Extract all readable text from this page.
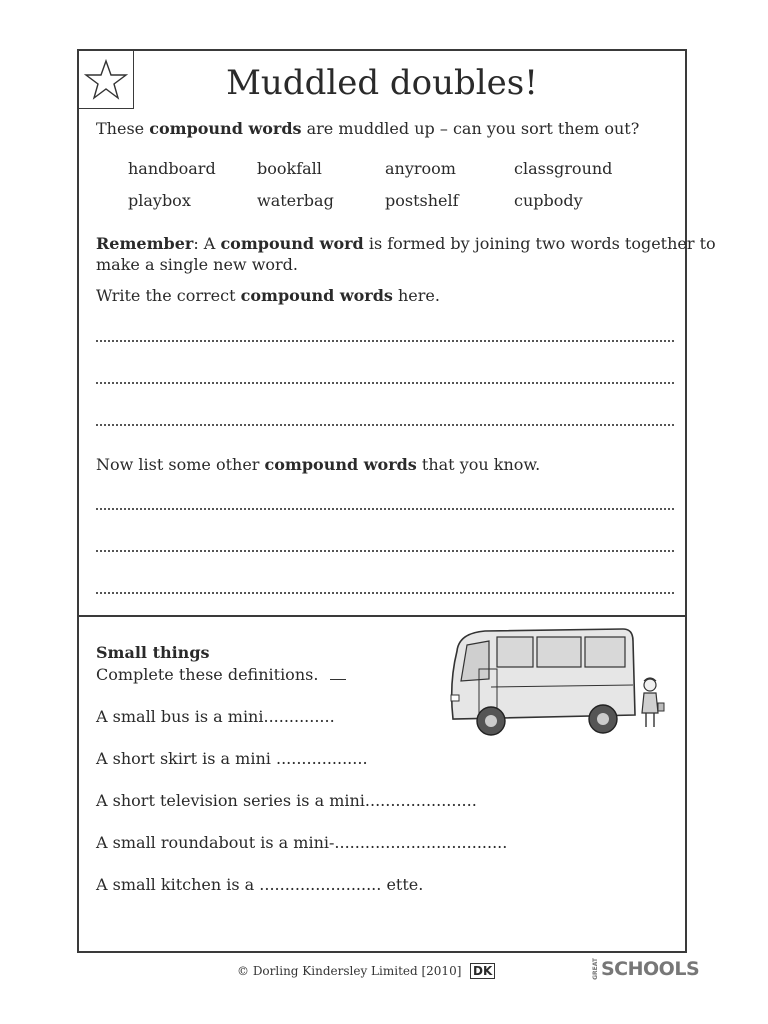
Muddled doubles!
These compound words are muddled up – can you sort them out?
handboard	bookfall	anyroom	classground
playbox	waterbag	postshelf	cupbody
Remember: A compound word is formed by joining two words together to
make a single new word.
Write the correct compound words here.
Now list some other compound words that you know.
Small things
Complete these definitions.
A small bus is a mini..............
A short skirt is a mini ..................
A short television series is a mini......................
A small roundabout is a mini-..................................
A small kitchen is a ........................ ette.
© Dorling Kindersley Limited [2010] DK	GREAT SCHOOLS
